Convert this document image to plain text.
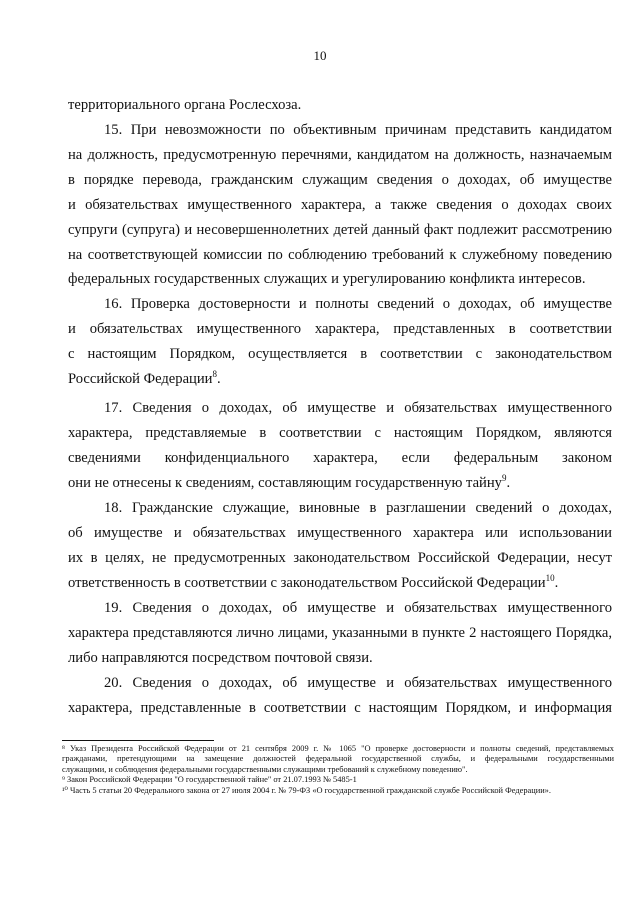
10
территориального органа Рослесхоза.
15. При невозможности по объективным причинам представить кандидатом
на должность, предусмотренную перечнями, кандидатом на должность, назначаемым
в порядке перевода, гражданским служащим сведения о доходах, об имуществе
и обязательствах имущественного характера, а также сведения о доходах своих
супруги (супруга) и несовершеннолетних детей данный факт подлежит рассмотрению
на соответствующей комиссии по соблюдению требований к служебному поведению
федеральных государственных служащих и урегулированию конфликта интересов.
16. Проверка достоверности и полноты сведений о доходах, об имуществе
и обязательствах имущественного характера, представленных в соответствии
с настоящим Порядком, осуществляется в соответствии с законодательством
Российской Федерации$^8$.
17. Сведения о доходах, об имуществе и обязательствах имущественного
характера, представляемые в соответствии с настоящим Порядком, являются
сведениями конфиденциального характера, если федеральным законом
они не отнесены к сведениям, составляющим государственную тайну$^9$.
18. Гражданские служащие, виновные в разглашении сведений о доходах,
об имуществе и обязательствах имущественного характера или использовании
их в целях, не предусмотренных законодательством Российской Федерации, несут
ответственность в соответствии с законодательством Российской Федерации$^{10}$.
19. Сведения о доходах, об имуществе и обязательствах имущественного
характера представляются лично лицами, указанными в пункте 2 настоящего Порядка,
либо направляются посредством почтовой связи.
20. Сведения о доходах, об имуществе и обязательствах имущественного
характера, представленные в соответствии с настоящим Порядком, и информация
⁸ Указ Президента Российской Федерации от 21 сентября 2009 г. № 1065 "О проверке достоверности и полноты сведений, представляемых
гражданами, претендующими на замещение должностей федеральной государственной службы, и федеральными государственными
служащими, и соблюдения федеральными государственными служащими требований к служебному поведению".
⁹ Закон Российской Федерации "О государственной тайне" от 21.07.1993 № 5485-1
¹⁰ Часть 5 статьи 20 Федерального закона от 27 июля 2004 г. № 79-ФЗ «О государственной гражданской службе Российской Федерации».
